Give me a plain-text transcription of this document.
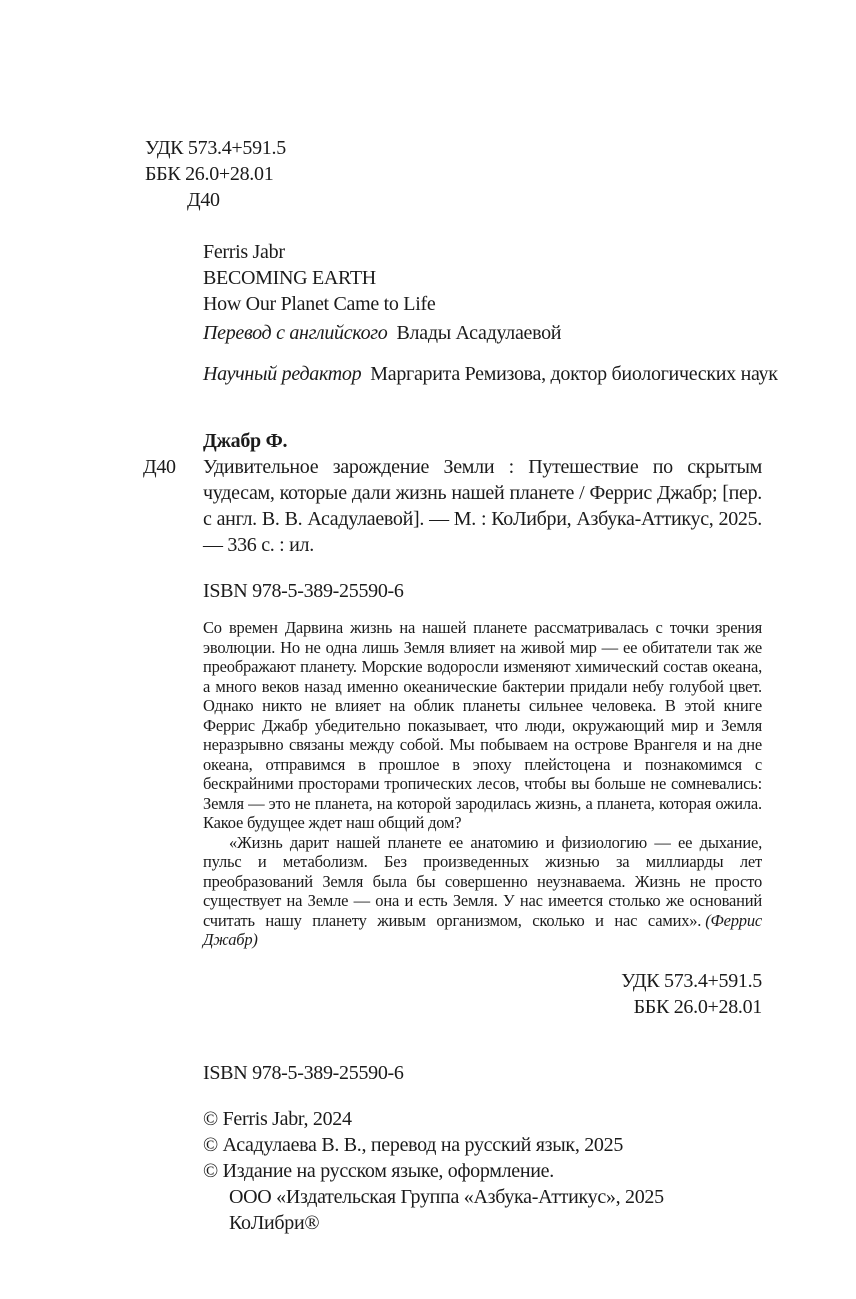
УДК 573.4+591.5
ББК 26.0+28.01
Д40
Ferris Jabr
BECOMING EARTH
How Our Planet Came to Life
Перевод с английского Влады Асадулаевой
Научный редактор Маргарита Ремизова, доктор биологических наук
Джабр Ф.
Д40 Удивительное зарождение Земли : Путешествие по скрытым чудесам, которые дали жизнь нашей планете / Феррис Джабр; [пер. с англ. В. В. Асадулаевой]. — М. : КоЛибри, Азбука-Аттикус, 2025. — 336 с. : ил.

ISBN 978-5-389-25590-6

Со времен Дарвина жизнь на нашей планете рассматривалась с точки зрения эволюции. Но не одна лишь Земля влияет на живой мир — ее обитатели так же преображают планету. Морские водоросли изменяют химический состав океана, а много веков назад именно океанические бактерии придали небу голубой цвет. Однако никто не влияет на облик планеты сильнее человека. В этой книге Феррис Джабр убедительно показывает, что люди, окружающий мир и Земля неразрывно связаны между собой. Мы побываем на острове Врангеля и на дне океана, отправимся в прошлое в эпоху плейстоцена и познакомимся с бескрайними просторами тропических лесов, чтобы вы больше не сомневались: Земля — это не планета, на которой зародилась жизнь, а планета, которая ожила. Какое будущее ждет наш общий дом?

«Жизнь дарит нашей планете ее анатомию и физиологию — ее дыхание, пульс и метаболизм. Без произведенных жизнью за миллиарды лет преобразований Земля была бы совершенно неузнаваема. Жизнь не просто существует на Земле — она и есть Земля. У нас имеется столько же оснований считать нашу планету живым организмом, сколько и нас самих». (Феррис Джабр)

УДК 573.4+591.5
ББК 26.0+28.01
ISBN 978-5-389-25590-6
© Ferris Jabr, 2024
© Асадулаева В. В., перевод на русский язык, 2025
© Издание на русском языке, оформление.
ООО «Издательская Группа «Азбука-Аттикус», 2025
КоЛибри®
